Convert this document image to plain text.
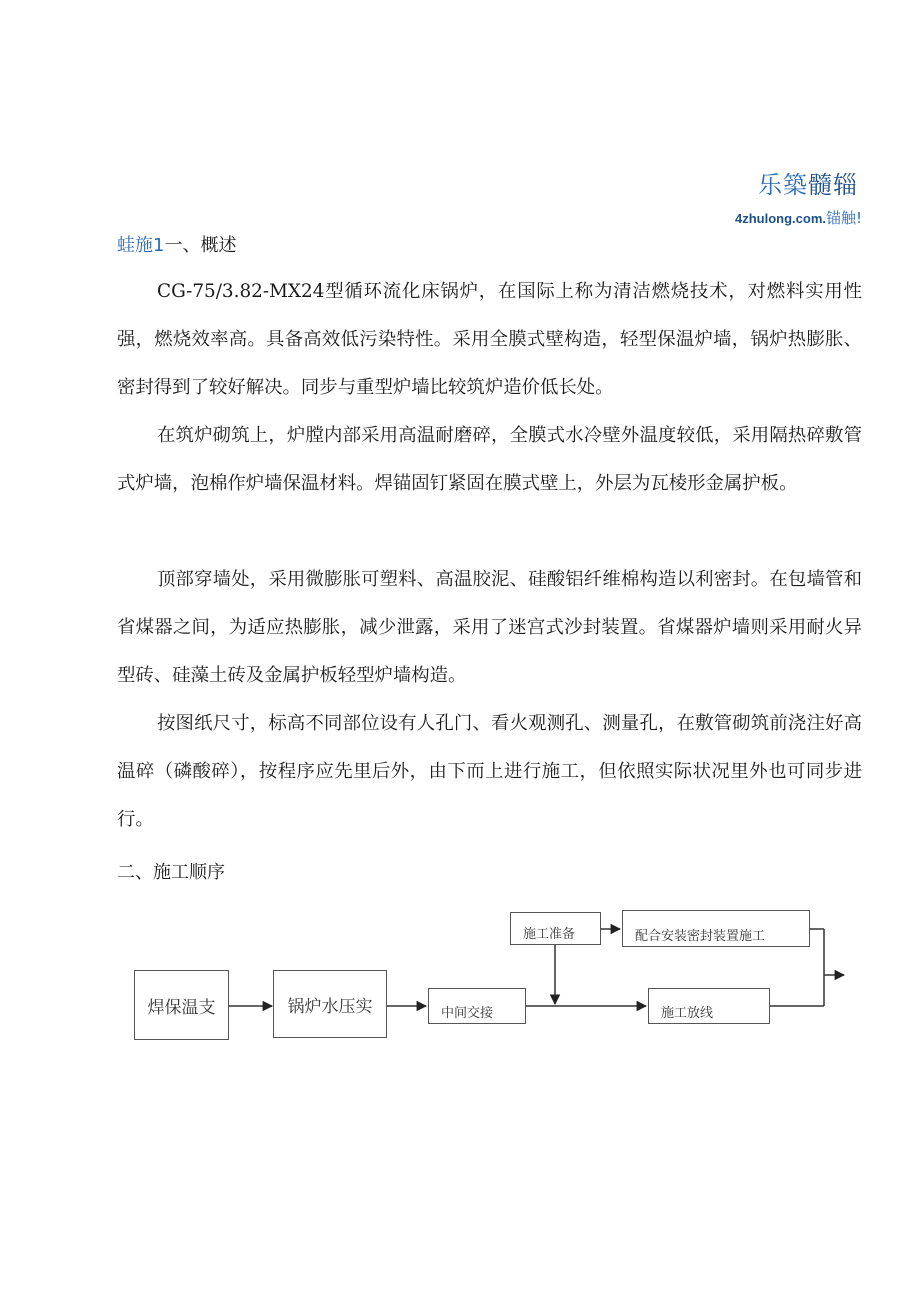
乐築髓辎
4zhulong.com.锚触!
蛙施1一、概述

CG-75/3.82-MX24型循环流化床锅炉，在国际上称为清洁燃烧技术，对燃料实用性强，燃烧效率高。具备高效低污染特性。采用全膜式壁构造，轻型保温炉墙，锅炉热膨胀、密封得到了较好解决。同步与重型炉墙比较筑炉造价低长处。

在筑炉砌筑上，炉膛内部采用高温耐磨碎，全膜式水冷壁外温度较低，采用隔热碎敷管式炉墙，泡棉作炉墙保温材料。焊锚固钉紧固在膜式壁上，外层为瓦棱形金属护板。

顶部穿墙处，采用微膨胀可塑料、高温胶泥、硅酸铝纤维棉构造以利密封。在包墙管和省煤器之间，为适应热膨胀，减少泄露，采用了迷宫式沙封装置。省煤器炉墙则采用耐火异型砖、硅藻土砖及金属护板轻型炉墙构造。

按图纸尺寸，标高不同部位设有人孔门、看火观测孔、测量孔，在敷管砌筑前浇注好高温碎（磷酸碎），按程序应先里后外，由下而上进行施工，但依照实际状况里外也可同步进行。

二、施工顺序
焊保温支	锅炉水压实	中间交接
施工准备	配合安装密封装置施工
施工放线
